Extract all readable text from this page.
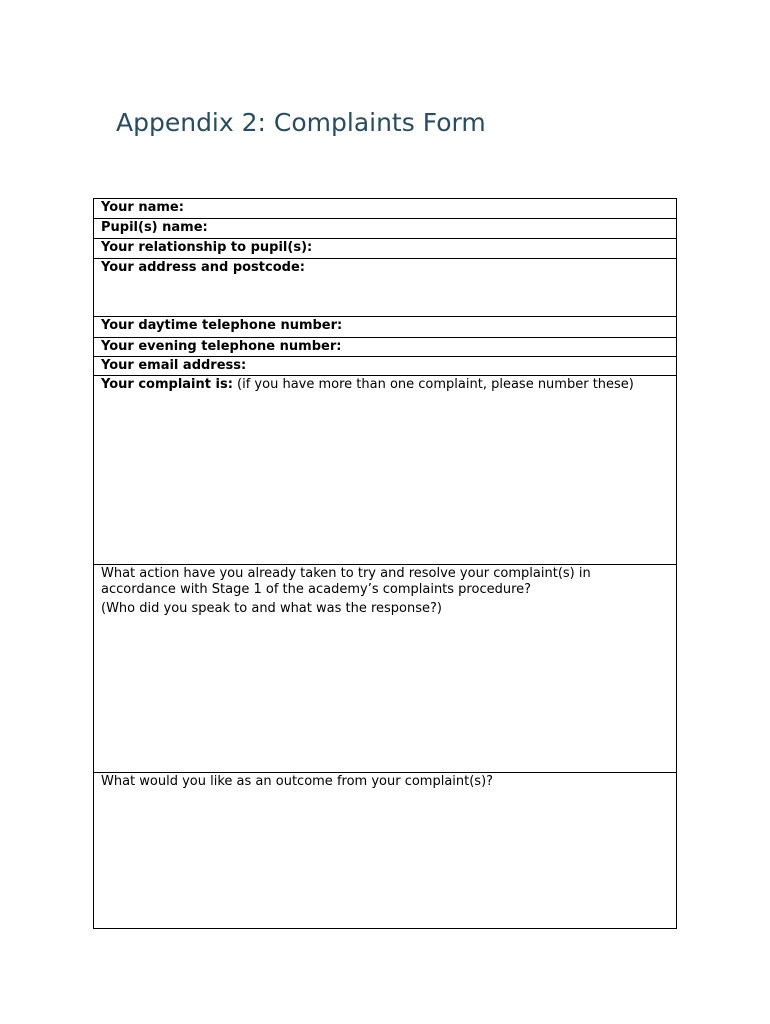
Appendix 2: Complaints Form
Your name:
Pupil(s) name:
Your relationship to pupil(s):
Your address and postcode:
Your daytime telephone number:
Your evening telephone number:
Your email address:

Your complaint is: (if you have more than one complaint, please number these)

What action have you already taken to try and resolve your complaint(s) in accordance with Stage 1 of the academy’s complaints procedure?

(Who did you speak to and what was the response?)

What would you like as an outcome from your complaint(s)?
